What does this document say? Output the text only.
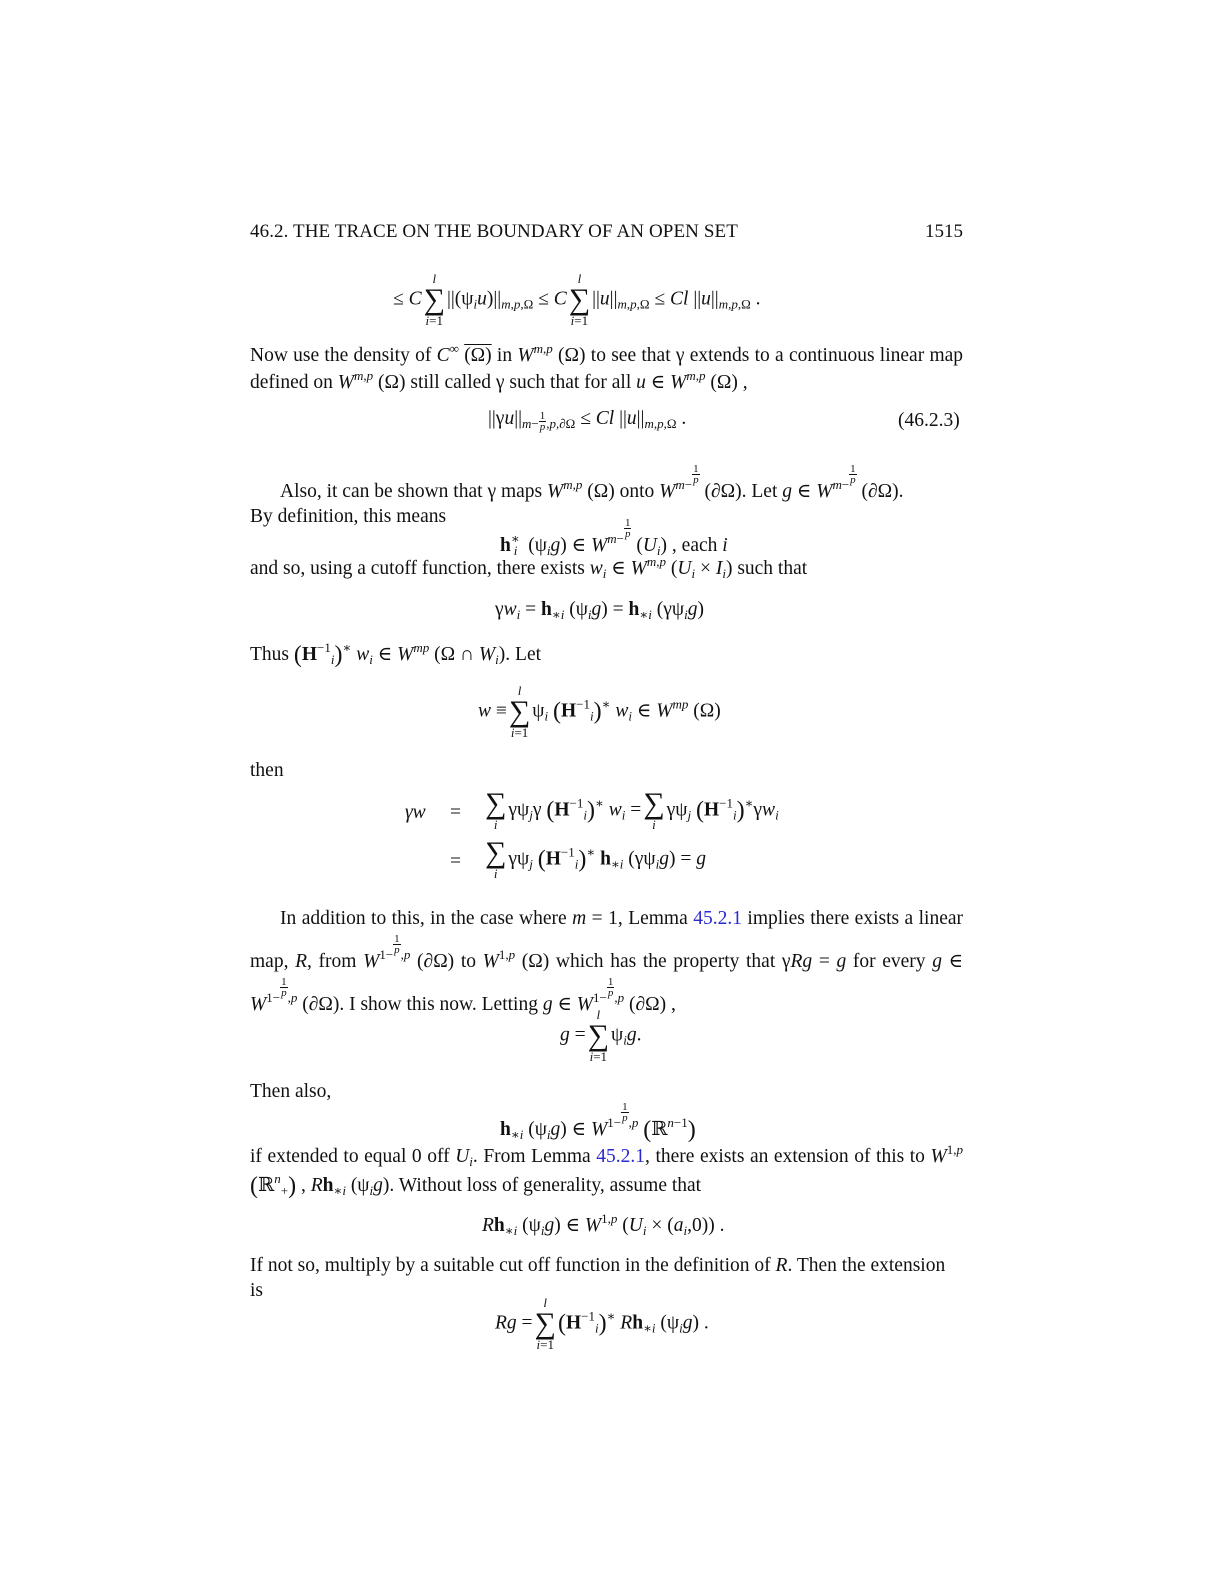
46.2. THE TRACE ON THE BOUNDARY OF AN OPEN SET	1515
≤ C
l
∑
i=1
$||(\psi_iu)||_{m,p,\Omega} \le C$
l
∑
i=1
$||u||_{m,p,\Omega} \le Cl$ $||u||_{m,p,\Omega}$ .
Now use the density of C∞ (Ω) in W$^{m,p}$ (Ω) to see that γ extends to a continuous linear map defined on W$^{m,p}$ (Ω) still called γ such that for all u ∈ W$^{m,p}$ (Ω) ,
$||\gamma u||_{m- \frac{1}{p} ,p,\partial\Omega} \le Cl$ $||u||_{m,p,\Omega}$ .	(46.2.3)
Also, it can be shown that γ maps W$^{m,p}$ (Ω) onto $W^{m- \frac{1}{p}}$
(∂Ω). Let g ∈ $W^{m- \frac{1}{p}}$
(∂Ω).
By definition, this means
$h_{∗i}$ $(\psi_ig)$ ∈ $W^{m- \frac{1}{p}}$
$(U_i)$ , each i
and so, using a cutoff function, there exists $w_i$ ∈ W$^{m,p}$ $(U_i \times I_i)$ such that
$\gamma w_i = h_{∗i}$ $(\psi_ig) = h_{∗i}$ $(\gamma\psi_ig)$
Thus $(H^{-1}_i)^∗$ $w_i$ ∈ $W^{mp}$ (Ω ∩ $W_i$). Let
w ≡
l
∑
i=1
$\psi_i$ $(H^{-1}_i)^∗$ $w_i$ ∈ $W^{mp}$ (Ω)
then
γw = ∑
i
$\gamma\psi_j\gamma$ $(H^{-1}_i)^∗$ $w_i$ = ∑
i
$\gamma\psi_j$ $(H^{-1}_i)^∗\gamma w_i$
= ∑
i
$\gamma\psi_j$ $(H^{-1}_i)^∗$ $h_{∗i}$ $(\gamma\psi_ig) = g$
In addition to this, in the case where m = 1, Lemma 45.2.1 implies there exists a linear map, R, from $W^{1- \frac{1}{p} ,p}$ (∂Ω) to W$^{1,p}$ (Ω) which has the property that γRg = g for every g ∈ $W^{1- \frac{1}{p} ,p}$ (∂Ω). I show this now. Letting g ∈ $W^{1- \frac{1}{p} ,p}$ (∂Ω) ,
g =
l
∑
i=1
$\psi_ig$.
Then also,
$h_{∗i}$ $(\psi_ig)$ ∈ $W^{1- \frac{1}{p} ,p}$ (ℝ$^{n-1}$)
if extended to equal 0 off $U_i$. From Lemma 45.2.1, there exists an extension of this to W$^{1,p}$ (ℝ$^n_+$) , $Rh_{∗i}$ $(\psi_ig)$. Without loss of generality, assume that
$Rh_{∗i}$ $(\psi_ig)$ ∈ W$^{1,p}$ $(U_i \times (a_i,0))$ .
If not so, multiply by a suitable cut off function in the definition of R. Then the extension
is
Rg =
l
∑
i=1
$(H^{-1}_i)^∗$ $Rh_{∗i}$ $(\psi_ig)$ .
